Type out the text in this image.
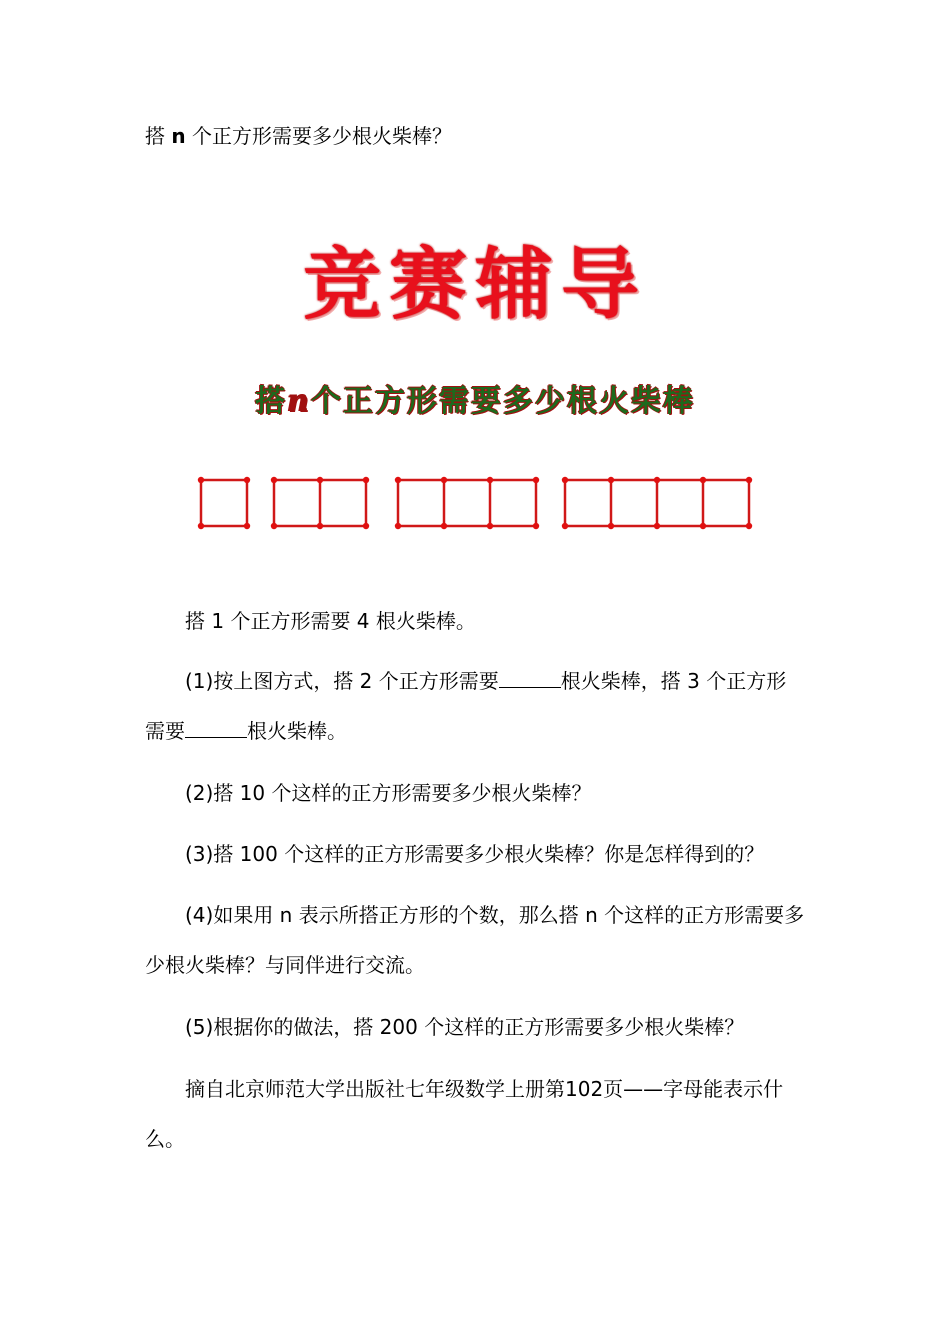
搭 n 个正方形需要多少根火柴棒？
竞赛辅导
搭n个正方形需要多少根火柴棒
搭 1 个正方形需要 4 根火柴棒。
(1)按上图方式，搭 2 个正方形需要	根火柴棒，搭 3 个正方形
需要	根火柴棒。
(2)搭 10 个这样的正方形需要多少根火柴棒？
(3)搭 100 个这样的正方形需要多少根火柴棒？你是怎样得到的？
(4)如果用 n 表示所搭正方形的个数，那么搭 n 个这样的正方形需要多少根火柴棒？与同伴进行交流。
(5)根据你的做法，搭 200 个这样的正方形需要多少根火柴棒？
摘自北京师范大学出版社七年级数学上册第102页——字母能表示什么。
